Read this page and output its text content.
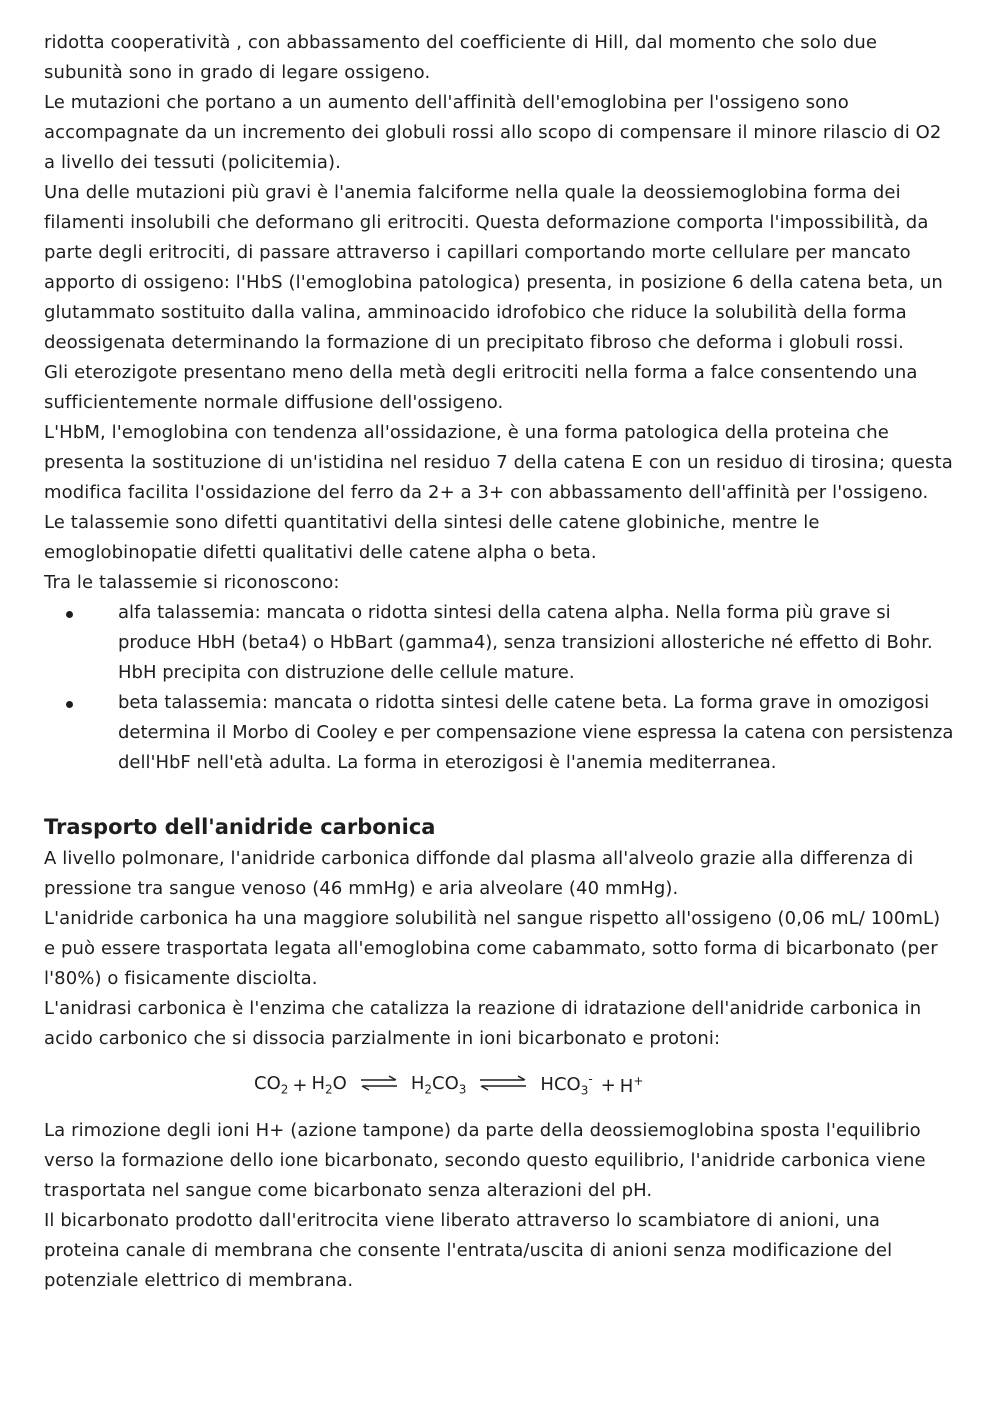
ridotta cooperatività , con abbassamento del coefficiente di Hill, dal momento che solo due subunità sono in grado di legare ossigeno.

Le mutazioni che portano a un aumento dell'affinità dell'emoglobina per l'ossigeno sono accompagnate da un incremento dei globuli rossi allo scopo di compensare il minore rilascio di O2 a livello dei tessuti (policitemia).

Una delle mutazioni più gravi è l'anemia falciforme nella quale la deossiemoglobina forma dei filamenti insolubili che deformano gli eritrociti. Questa deformazione comporta l'impossibilità, da parte degli eritrociti, di passare attraverso i capillari comportando morte cellulare per mancato apporto di ossigeno: l'HbS (l'emoglobina patologica) presenta, in posizione 6 della catena beta, un glutammato sostituito dalla valina, amminoacido idrofobico che riduce la solubilità della forma deossigenata determinando la formazione di un precipitato fibroso che deforma i globuli rossi.

Gli eterozigote presentano meno della metà degli eritrociti nella forma a falce consentendo una sufficientemente normale diffusione dell'ossigeno.

L'HbM, l'emoglobina con tendenza all'ossidazione, è una forma patologica della proteina che presenta la sostituzione di un'istidina nel residuo 7 della catena E con un residuo di tirosina; questa modifica facilita l'ossidazione del ferro da 2+ a 3+ con abbassamento dell'affinità per l'ossigeno.

Le talassemie sono difetti quantitativi della sintesi delle catene globiniche, mentre le emoglobinopatie difetti qualitativi delle catene alpha o beta.

Tra le talassemie si riconoscono:

alfa talassemia: mancata o ridotta sintesi della catena alpha. Nella forma più grave si produce HbH (beta4) o HbBart (gamma4), senza transizioni allosteriche né effetto di Bohr. HbH precipita con distruzione delle cellule mature.
beta talassemia: mancata o ridotta sintesi delle catene beta. La forma grave in omozigosi determina il Morbo di Cooley e per compensazione viene espressa la catena con persistenza dell'HbF nell'età adulta. La forma in eterozigosi è l'anemia mediterranea.
Trasporto dell'anidride carbonica

A livello polmonare, l'anidride carbonica diffonde dal plasma all'alveolo grazie alla differenza di pressione tra sangue venoso (46 mmHg) e aria alveolare (40 mmHg).

L'anidride carbonica ha una maggiore solubilità nel sangue rispetto all'ossigeno (0,06 mL/ 100mL) e può essere trasportata legata all'emoglobina come cabammato, sotto forma di bicarbonato (per l'80%) o fisicamente disciolta.

L'anidrasi carbonica è l'enzima che catalizza la reazione di idratazione dell'anidride carbonica in acido carbonico che si dissocia parzialmente in ioni bicarbonato e protoni:

$CO_2 + H_2O$ ⇌ $H_2CO_3$ ⇌ $HCO_3^- + H^+$

La rimozione degli ioni H+ (azione tampone) da parte della deossiemoglobina sposta l'equilibrio verso la formazione dello ione bicarbonato, secondo questo equilibrio, l'anidride carbonica viene trasportata nel sangue come bicarbonato senza alterazioni del pH.

Il bicarbonato prodotto dall'eritrocita viene liberato attraverso lo scambiatore di anioni, una proteina canale di membrana che consente l'entrata/uscita di anioni senza modificazione del potenziale elettrico di membrana.
